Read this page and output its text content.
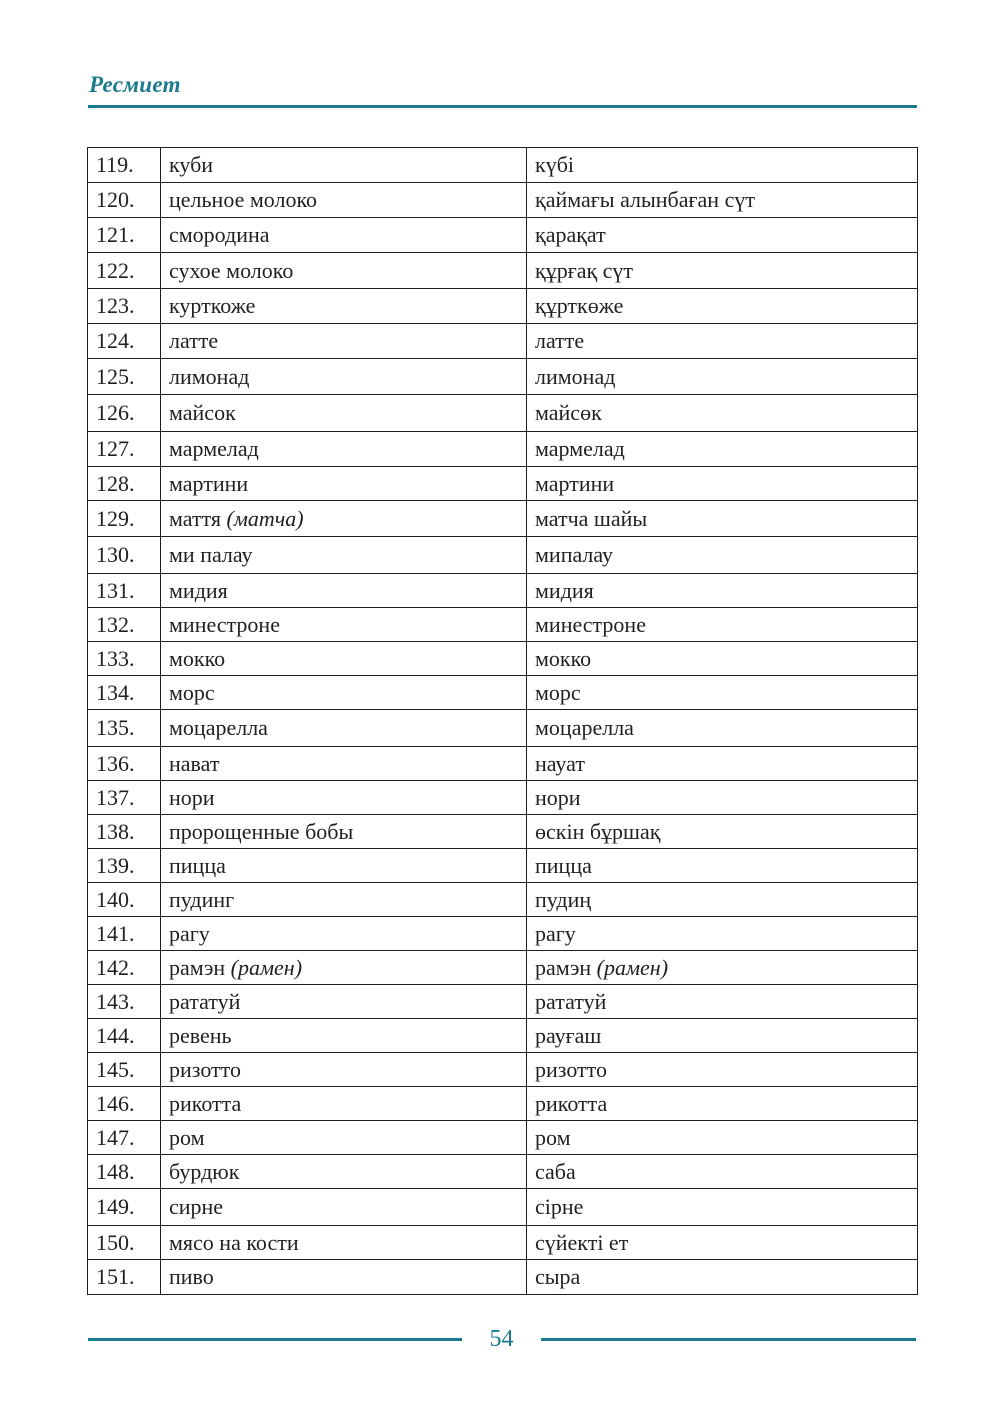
Ресмиет
119.	куби	күбі
120.	цельное молоко	қаймағы алынбаған сүт
121.	смородина	қарақат
122.	сухое молоко	құрғақ сүт
123.	курткоже	құрткөже
124.	латте	латте
125.	лимонад	лимонад
126.	майсок	майсөк
127.	мармелад	мармелад
128.	мартини	мартини
129.	маття (матча)	матча шайы
130.	ми палау	мипалау
131.	мидия	мидия
132.	минестроне	минестроне
133.	мокко	мокко
134.	морс	морс
135.	моцарелла	моцарелла
136.	нават	науат
137.	нори	нори
138.	пророщенные бобы	өскін бұршақ
139.	пицца	пицца
140.	пудинг	пудиң
141.	рагу	рагу
142.	рамэн (рамен)	рамэн (рамен)
143.	рататуй	рататуй
144.	ревень	рауғаш
145.	ризотто	ризотто
146.	рикотта	рикотта
147.	ром	ром
148.	бурдюк	саба
149.	сирне	сірне
150.	мясо на кости	сүйекті ет
151.	пиво	сыра
54
